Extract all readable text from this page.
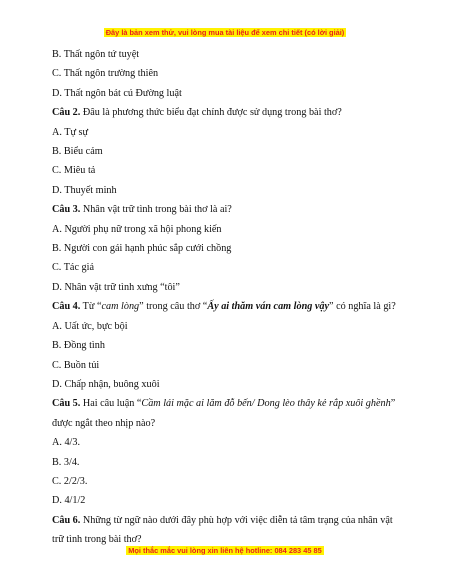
Đây là bản xem thử, vui lòng mua tài liệu để xem chi tiết (có lời giải)
B. Thất ngôn tứ tuyệt
C. Thất ngôn trường thiên
D. Thất ngôn bát cú Đường luật
Câu 2. Đâu là phương thức biểu đạt chính được sử dụng trong bài thơ?
A. Tự sự
B. Biểu cảm
C. Miêu tả
D. Thuyết minh
Câu 3. Nhân vật trữ tình trong bài thơ là ai?
A. Người phụ nữ trong xã hội phong kiến
B. Người con gái hạnh phúc sắp cưới chồng
C. Tác giả
D. Nhân vật trữ tình xưng “tôi”
Câu 4. Từ “cam lòng” trong câu thơ “Ấy ai thăm ván cam lòng vậy” có nghĩa là gì?
A. Uất ức, bực bội
B. Đồng tình
C. Buồn tủi
D. Chấp nhận, buông xuôi
Câu 5. Hai câu luận “Cầm lái mặc ai lăm đỗ bến/ Dong lèo thây kẻ rắp xuôi ghềnh” được ngắt theo nhịp nào?
A. 4/3.
B. 3/4.
C. 2/2/3.
D. 4/1/2
Câu 6. Những từ ngữ nào dưới đây phù hợp với việc diễn tả tâm trạng của nhân vật trữ tình trong bài thơ?
Mọi thắc mắc vui lòng xin liên hệ hotline: 084 283 45 85
